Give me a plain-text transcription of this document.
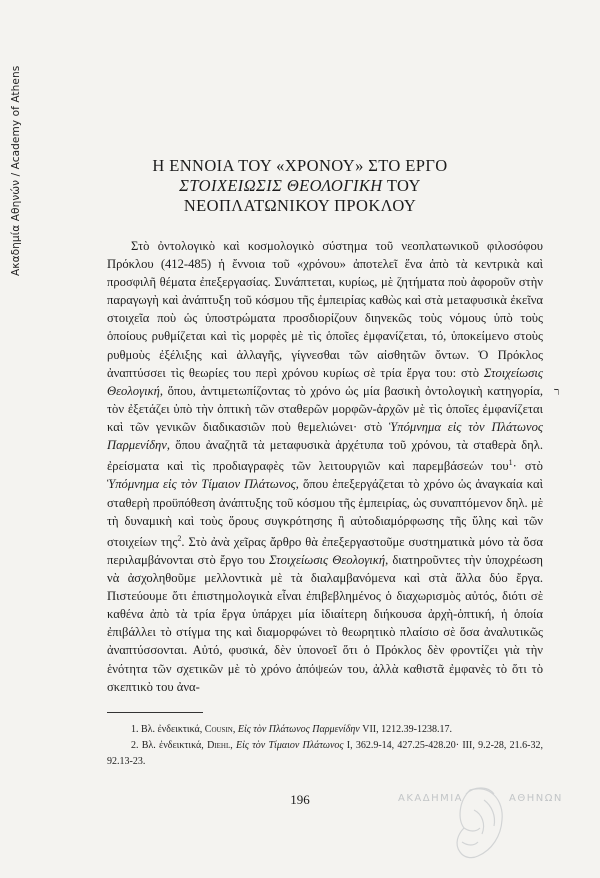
Ακαδημία Αθηνών / Academy of Athens	Η ΕΝΝΟΙΑ ΤΟΥ «ΧΡΟΝΟΥ» ΣΤΟ ΕΡΓΟ
ΣΤΟΙΧΕΙΩΣΙΣ ΘΕΟΛΟΓΙΚΗ ΤΟΥ
ΝΕΟΠΛΑΤΩΝΙΚΟΥ ΠΡΟΚΛΟΥ
Στὸ ὀντολογικὸ καὶ κοσμολογικὸ σύστημα τοῦ νεοπλατωνικοῦ φιλοσόφου Πρόκλου (412-485) ἡ ἔννοια τοῦ «χρόνου» ἀποτελεῖ ἕνα ἀπὸ τὰ κεντρικὰ καὶ προσφιλῆ θέματα ἐπεξεργασίας. Συνάπτεται, κυρίως, μὲ ζητήματα ποὺ ἀφοροῦν στὴν παραγωγὴ καὶ ἀνάπτυξη τοῦ κόσμου τῆς ἐμπειρίας καθὼς καὶ στὰ μεταφυσικὰ ἐκεῖνα στοιχεῖα ποὺ ὡς ὑποστρώματα προσδιορίζουν διηνεκῶς τοὺς νόμους ὑπὸ τοὺς ὁποίους ρυθμίζεται καὶ τὶς μορφὲς μὲ τὶς ὁποῖες ἐμφανίζεται, τό, ὑποκείμενο στοὺς ρυθμοὺς ἐξέλιξης καὶ ἀλλαγῆς, γίγνεσθαι τῶν αἰσθητῶν ὄντων. Ὁ Πρόκλος ἀναπτύσσει τὶς θεωρίες του περὶ χρόνου κυρίως σὲ τρία ἔργα του: στὸ Στοιχείωσις Θεολογική, ὅπου, ἀντιμετωπίζοντας τὸ χρόνο ὡς μία βασικὴ ὀντολογικὴ κατηγορία, τὸν ἐξετάζει ὑπὸ τὴν ὀπτικὴ τῶν σταθερῶν μορφῶν-ἀρχῶν μὲ τὶς ὁποῖες ἐμφανίζεται καὶ τῶν γενικῶν διαδικασιῶν ποὺ θεμελιώνει· στὸ Ὑπόμνημα εἰς τὸν Πλάτωνος Παρμενίδην, ὅπου ἀναζητᾶ τὰ μεταφυσικὰ ἀρχέτυπα τοῦ χρόνου, τὰ σταθερὰ δηλ. ἐρείσματα καὶ τὶς προδιαγραφὲς τῶν λειτουργιῶν καὶ παρεμβάσεών του$^1$· στὸ Ὑπόμνημα εἰς τὸν Τίμαιον Πλάτωνος, ὅπου ἐπεξεργάζεται τὸ χρόνο ὡς ἀναγκαία καὶ σταθερὴ προϋπόθεση ἀνάπτυξης τοῦ κόσμου τῆς ἐμπειρίας, ὡς συναπτόμενον δηλ. μὲ τὴ δυναμικὴ καὶ τοὺς ὅρους συγκρότησης ἢ αὐτοδιαμόρφωσης τῆς ὕλης καὶ τῶν στοιχείων της$^2$. Στὸ ἀνὰ χεῖρας ἄρθρο θὰ ἐπεξεργαστοῦμε συστηματικὰ μόνο τὰ ὅσα περιλαμβάνονται στὸ ἔργο του Στοιχείωσις Θεολογική, διατηροῦντες τὴν ὑποχρέωση νὰ ἀσχοληθοῦμε μελλοντικὰ μὲ τὰ διαλαμβανόμενα καὶ στὰ ἄλλα δύο ἔργα. Πιστεύουμε ὅτι ἐπιστημολογικὰ εἶναι ἐπιβεβλημένος ὁ διαχωρισμὸς αὐτός, διότι σὲ καθένα ἀπὸ τὰ τρία ἔργα ὑπάρχει μία ἰδιαίτερη διήκουσα ἀρχὴ-ὀπτική, ἡ ὁποία ἐπιβάλλει τὸ στίγμα της καὶ διαμορφώνει τὸ θεωρητικὸ πλαίσιο σὲ ὅσα ἀναλυτικῶς ἀναπτύσσονται. Αὐτό, φυσικά, δὲν ὑπονοεῖ ὅτι ὁ Πρόκλος δὲν φροντίζει γιὰ τὴν ἑνότητα τῶν σχετικῶν μὲ τὸ χρόνο ἀπόψεών του, ἀλλὰ καθιστᾶ ἐμφανὲς τὸ ὅτι τὸ σκεπτικὸ του ἀνα-
ר
1. Βλ. ἐνδεικτικά, Cousin, Εἰς τὸν Πλάτωνος Παρμενίδην VII, 1212.39-1238.17.
2. Βλ. ἐνδεικτικά, Diehl, Εἰς τὸν Τίμαιον Πλάτωνος I, 362.9-14, 427.25-428.20· III, 9.2-28, 21.6-32, 92.13-23.
196	ΑΚΑΔΗΜΙΑ	ΑΘΗΝΩΝ
